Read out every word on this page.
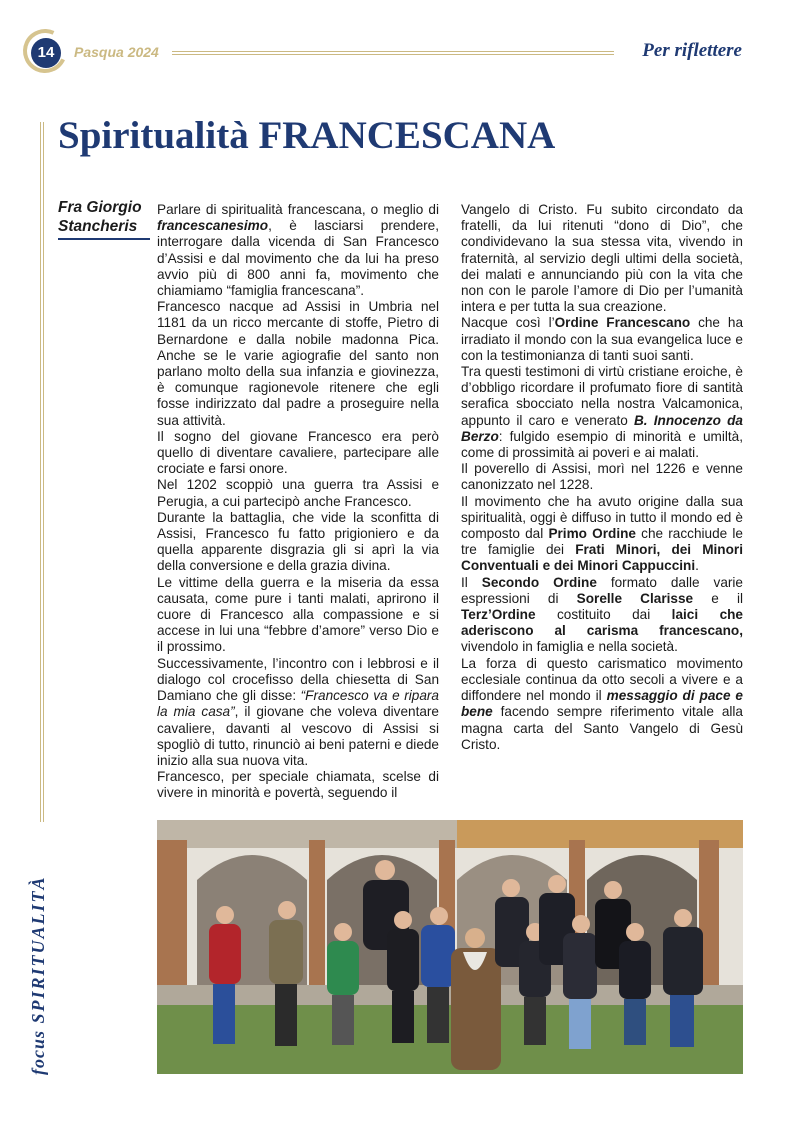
14	Pasqua 2024	Per riflettere
focus SPIRITUALITÀ
Spiritualità FRANCESCANA
Fra Giorgio
Stancheris

Parlare di spiritualità francescana, o meglio di francescanesimo, è lasciarsi prendere, interrogare dalla vicenda di San Francesco d’Assisi e dal movimento che da lui ha preso avvio più di 800 anni fa, movimento che chiamiamo “famiglia francescana”.

Francesco nacque ad Assisi in Umbria nel 1181 da un ricco mercante di stoffe, Pietro di Bernardone e dalla nobile madonna Pica. Anche se le varie agiografie del santo non parlano molto della sua infanzia e giovinezza, è comunque ragionevole ritenere che egli fosse indirizzato dal padre a proseguire nella sua attività.

Il sogno del giovane Francesco era però quello di diventare cavaliere, partecipare alle crociate e farsi onore.

Nel 1202 scoppiò una guerra tra Assisi e Perugia, a cui partecipò anche Francesco.

Durante la battaglia, che vide la sconfitta di Assisi, Francesco fu fatto prigioniero e da quella apparente disgrazia gli si aprì la via della conversione e della grazia divina.

Le vittime della guerra e la miseria da essa causata, come pure i tanti malati, aprirono il cuore di Francesco alla compassione e si accese in lui una “febbre d’amore” verso Dio e il prossimo.

Successivamente, l’incontro con i lebbrosi e il dialogo col crocefisso della chiesetta di San Damiano che gli disse: “Francesco va e ripara la mia casa”, il giovane che voleva diventare cavaliere, davanti al vescovo di Assisi si spogliò di tutto, rinunciò ai beni paterni e diede inizio alla sua nuova vita.

Francesco, per speciale chiamata, scelse di vivere in minorità e povertà, seguendo il

Vangelo di Cristo. Fu subito circondato da fratelli, da lui ritenuti “dono di Dio”, che condividevano la sua stessa vita, vivendo in fraternità, al servizio degli ultimi della società, dei malati e annunciando più con la vita che non con le parole l’amore di Dio per l’umanità intera e per tutta la sua creazione.

Nacque così l’Ordine Francescano che ha irradiato il mondo con la sua evangelica luce e con la testimonianza di tanti suoi santi.

Tra questi testimoni di virtù cristiane eroiche, è d’obbligo ricordare il profumato fiore di santità serafica sbocciato nella nostra Valcamonica, appunto il caro e venerato B. Innocenzo da Berzo: fulgido esempio di minorità e umiltà, come di prossimità ai poveri e ai malati.

Il poverello di Assisi, morì nel 1226 e venne canonizzato nel 1228.

Il movimento che ha avuto origine dalla sua spiritualità, oggi è diffuso in tutto il mondo ed è composto dal Primo Ordine che racchiude le tre famiglie dei Frati Minori, dei Minori Conventuali e dei Minori Cappuccini.

Il Secondo Ordine formato dalle varie espressioni di Sorelle Clarisse e il Terz’Ordine costituito dai laici che aderiscono al carisma francescano, vivendolo in famiglia e nella società.

La forza di questo carismatico movimento ecclesiale continua da otto secoli a vivere e a diffondere nel mondo il messaggio di pace e bene facendo sempre riferimento vitale alla magna carta del Santo Vangelo di Gesù Cristo.
